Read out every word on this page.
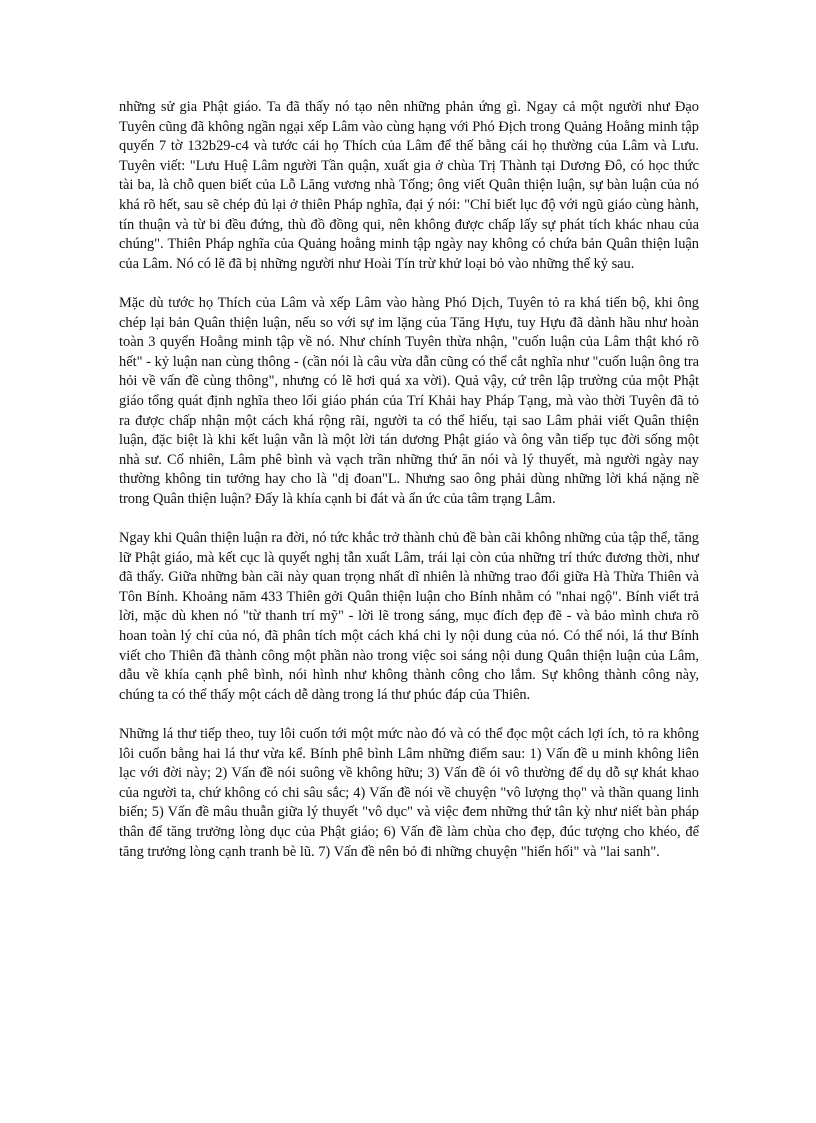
những sử gia Phật giáo. Ta đã thấy nó tạo nên những phản ứng gì. Ngay cả một người như Đạo Tuyên cũng đã không ngần ngại xếp Lâm vào cùng hạng với Phó Địch trong Quảng Hoằng minh tập quyển 7 tờ 132b29-c4 và tước cái họ Thích của Lâm để thế bằng cái họ thường của Lâm và Lưu. Tuyên viết: "Lưu Huệ Lâm người Tần quận, xuất gia ở chùa Trị Thành tại Dương Đô, có học thức tài ba, là chỗ quen biết của Lỗ Lăng vương nhà Tống; ông viết Quân thiện luận, sự bàn luận của nó khá rõ hết, sau sẽ chép đủ lại ở thiên Pháp nghĩa, đại ý nói: "Chỉ biết lục độ với ngũ giáo cùng hành, tín thuận và từ bi đều đứng, thù đồ đồng qui, nên không được chấp lấy sự phát tích khác nhau của chúng". Thiên Pháp nghĩa của Quảng hoằng minh tập ngày nay không có chứa bản Quân thiện luận của Lâm. Nó có lẽ đã bị những người như Hoài Tín trừ khử loại bỏ vào những thế kỷ sau.

Mặc dù tước họ Thích của Lâm và xếp Lâm vào hàng Phó Dịch, Tuyên tỏ ra khá tiến bộ, khi ông chép lại bản Quân thiện luận, nếu so với sự im lặng của Tăng Hựu, tuy Hựu đã dành hầu như hoàn toàn 3 quyển Hoằng minh tập về nó. Như chính Tuyên thừa nhận, "cuốn luận của Lâm thật khó rõ hết" - kỷ luận nan cùng thông - (cần nói là câu vừa dẫn cũng có thể cắt nghĩa như "cuốn luận ông tra hỏi về vấn đề cùng thông", nhưng có lẽ hơi quá xa vời). Quả vậy, cứ trên lập trường của một Phật giáo tổng quát định nghĩa theo lối giáo phán của Trí Khải hay Pháp Tạng, mà vào thời Tuyên đã tỏ ra được chấp nhận một cách khá rộng rãi, người ta có thể hiểu, tại sao Lâm phải viết Quân thiện luận, đặc biệt là khi kết luận vẫn là một lời tán dương Phật giáo và ông vẫn tiếp tục đời sống một nhà sư. Cố nhiên, Lâm phê bình và vạch trần những thứ ăn nói và lý thuyết, mà người ngày nay thường không tin tưởng hay cho là "dị đoan"L. Nhưng sao ông phải dùng những lời khá nặng nề trong Quân thiện luận? Đấy là khía cạnh bi đát và ẩn ức của tâm trạng Lâm.

Ngay khi Quân thiện luận ra đời, nó tức khắc trở thành chủ đề bàn cãi không những của tập thể, tăng lữ Phật giáo, mà kết cục là quyết nghị tẫn xuất Lâm, trái lại còn của những trí thức đương thời, như đã thấy. Giữa những bàn cãi này quan trọng nhất dĩ nhiên là những trao đổi giữa Hà Thừa Thiên và Tôn Bính. Khoảng năm 433 Thiên gởi Quân thiện luận cho Bính nhằm có "nhai ngộ". Bính viết trả lời, mặc dù khen nó "từ thanh trí mỹ" - lời lẽ trong sáng, mục đích đẹp đẽ - và bảo mình chưa rõ hoan toàn lý chỉ của nó, đã phân tích một cách khá chi ly nội dung của nó. Có thể nói, lá thư Bính viết cho Thiên đã thành công một phần nào trong việc soi sáng nội dung Quân thiện luận của Lâm, dẫu về khía cạnh phê bình, nói hình như không thành công cho lắm. Sự không thành công này, chúng ta có thể thấy một cách dễ dàng trong lá thư phúc đáp của Thiên.

Những lá thư tiếp theo, tuy lôi cuốn tới một mức nào đó và có thể đọc một cách lợi ích, tỏ ra không lôi cuốn bằng hai lá thư vừa kể. Bính phê bình Lâm những điểm sau: 1) Vấn đề u minh không liên lạc với đời này; 2) Vấn đề nói suông về không hữu; 3) Vấn đề ói vô thường để dụ dỗ sự khát khao của người ta, chứ không có chi sâu sắc; 4) Vấn đề nói về chuyện "vô lượng thọ" và thần quang linh biến; 5) Vấn đề mâu thuẫn giữa lý thuyết "vô dục" và việc đem những thứ tân kỳ như niết bàn pháp thân để tăng trưởng lòng dục của Phật giáo; 6) Vấn đề làm chùa cho đẹp, đúc tượng cho khéo, để tăng trưởng lòng cạnh tranh bè lũ. 7) Vấn đề nên bỏ đi những chuyện "hiển hối" và "lai sanh".
